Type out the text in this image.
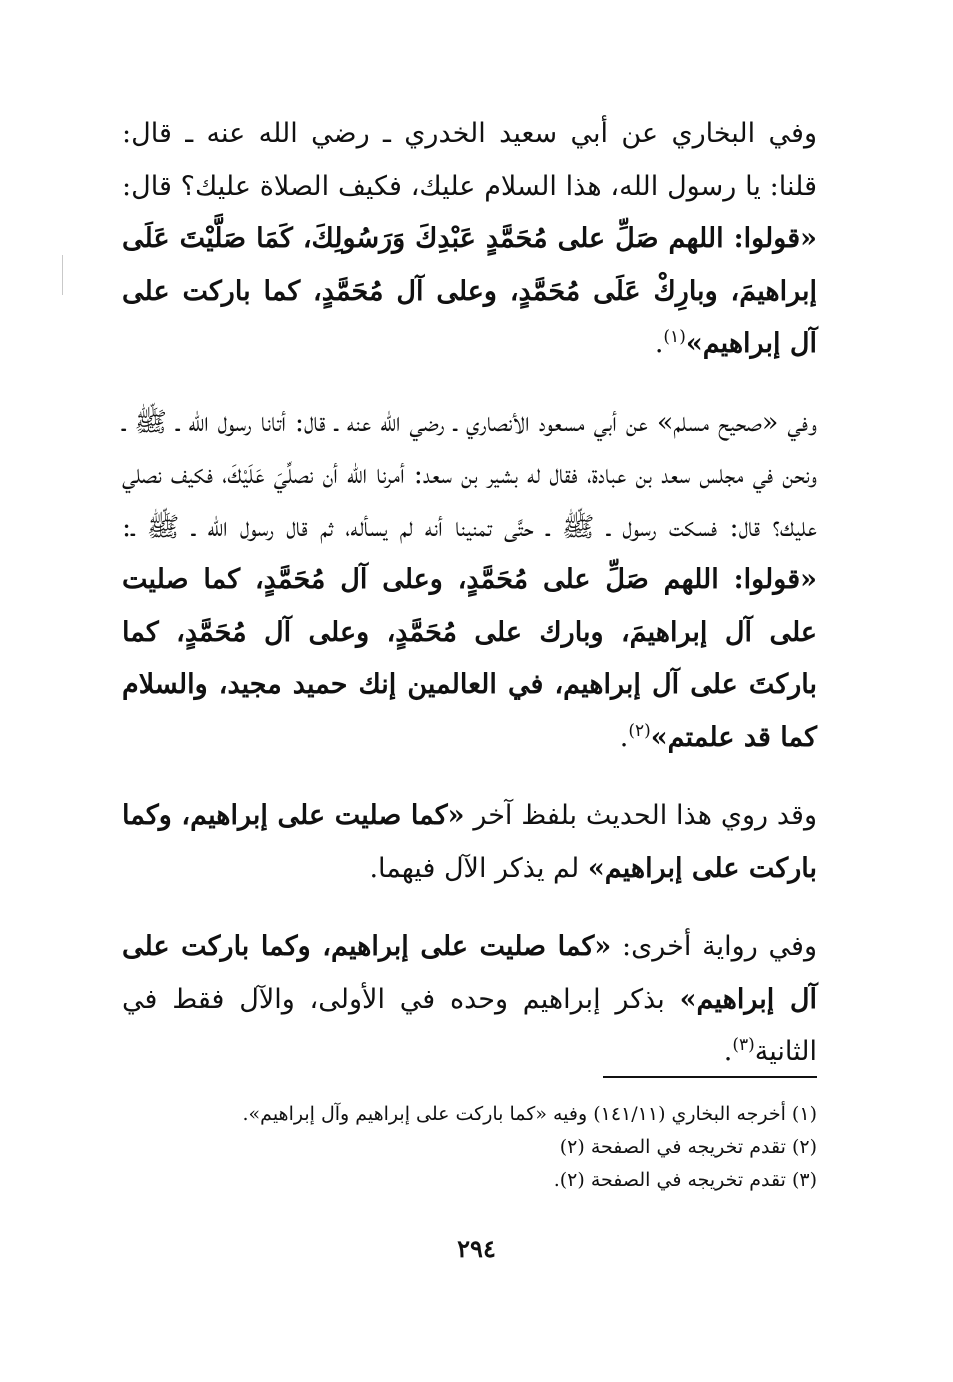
وفي البخاري عن أبي سعيد الخدري ـ رضي الله عنه ـ قال: قلنا: يا رسول الله، هذا السلام عليك، فكيف الصلاة عليك؟ قال: «قولوا: اللهم صَلِّ على مُحَمَّدٍ عَبْدِكَ وَرَسُولِكَ، كَمَا صَلَّيْتَ عَلَى إبراهيمَ، وبارِكْ عَلَى مُحَمَّدٍ، وعلى آل مُحَمَّدٍ، كما باركت على آل إبراهيم»$^{(١)}$.

وفي «صحيح مسلم» عن أبي مسعود الأنصاري ـ رضي الله عنه ـ قال: أتانا رسول الله ـ ﷺ ـ ونحن في مجلس سعد بن عبادة، فقال له بشير بن سعد: أمرنا الله أن نصلِّيَ عَلَيْكَ، فكيف نصلي عليك؟ قال: فسكت رسول ـ ﷺ ـ حتَّى تمنينا أنه لم يسأله، ثم قال رسول الله ـ ﷺ ـ: «قولوا: اللهم صَلِّ على مُحَمَّدٍ، وعلى آل مُحَمَّدٍ، كما صليت على آل إبراهيمَ، وبارك على مُحَمَّدٍ، وعلى آل مُحَمَّدٍ، كما باركتَ على آل إبراهيم، في العالمين إنك حميد مجيد، والسلام كما قد علمتم»$^{(٢)}$.

وقد روي هذا الحديث بلفظ آخر «كما صليت على إبراهيم، وكما باركت على إبراهيم» لم يذكر الآل فيهما.

وفي رواية أخرى: «كما صليت على إبراهيم، وكما باركت على آل إبراهيم» بذكر إبراهيم وحده في الأولى، والآل فقط في الثانية$^{(٣)}$.

(١) أخرجه البخاري (١٤١/١١) وفيه «كما باركت على إبراهيم وآل إبراهيم».
(٢) تقدم تخريجه في الصفحة (٢)
(٣) تقدم تخريجه في الصفحة (٢).
٢٩٤
